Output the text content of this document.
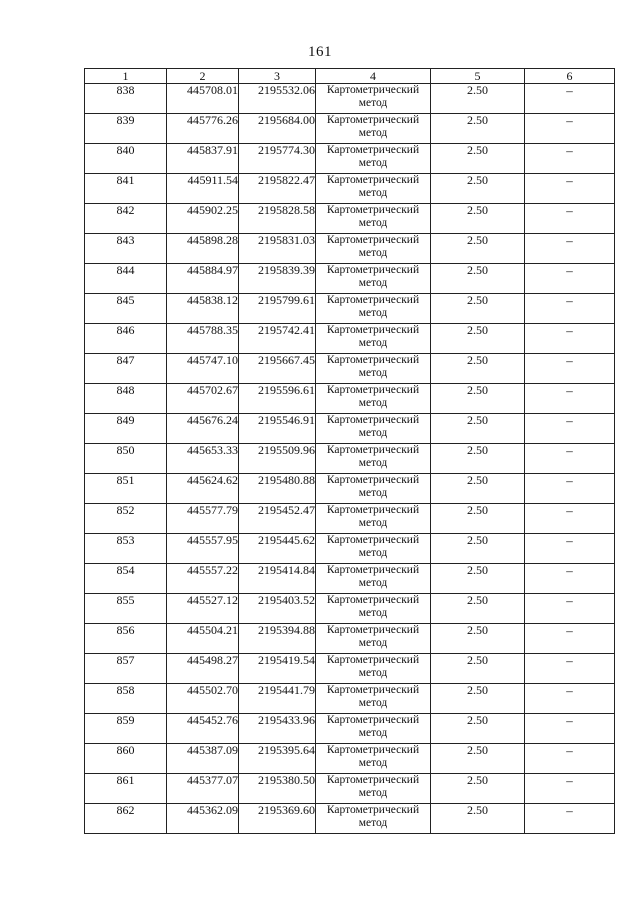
161
1	2	3	4	5	6
838	445708.01	2195532.06	Картометрический метод	2.50	–
839	445776.26	2195684.00	Картометрический метод	2.50	–
840	445837.91	2195774.30	Картометрический метод	2.50	–
841	445911.54	2195822.47	Картометрический метод	2.50	–
842	445902.25	2195828.58	Картометрический метод	2.50	–
843	445898.28	2195831.03	Картометрический метод	2.50	–
844	445884.97	2195839.39	Картометрический метод	2.50	–
845	445838.12	2195799.61	Картометрический метод	2.50	–
846	445788.35	2195742.41	Картометрический метод	2.50	–
847	445747.10	2195667.45	Картометрический метод	2.50	–
848	445702.67	2195596.61	Картометрический метод	2.50	–
849	445676.24	2195546.91	Картометрический метод	2.50	–
850	445653.33	2195509.96	Картометрический метод	2.50	–
851	445624.62	2195480.88	Картометрический метод	2.50	–
852	445577.79	2195452.47	Картометрический метод	2.50	–
853	445557.95	2195445.62	Картометрический метод	2.50	–
854	445557.22	2195414.84	Картометрический метод	2.50	–
855	445527.12	2195403.52	Картометрический метод	2.50	–
856	445504.21	2195394.88	Картометрический метод	2.50	–
857	445498.27	2195419.54	Картометрический метод	2.50	–
858	445502.70	2195441.79	Картометрический метод	2.50	–
859	445452.76	2195433.96	Картометрический метод	2.50	–
860	445387.09	2195395.64	Картометрический метод	2.50	–
861	445377.07	2195380.50	Картометрический метод	2.50	–
862	445362.09	2195369.60	Картометрический метод	2.50	–
